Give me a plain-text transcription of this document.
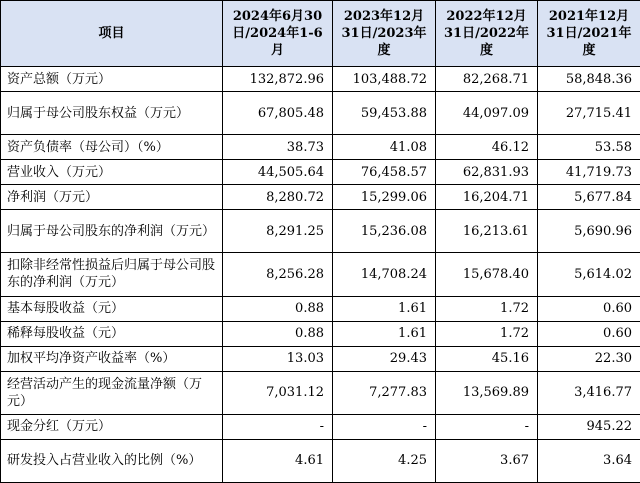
项目	2024年6月30日/2024年1-6月	2023年12月31日/2023年度	2022年12月31日/2022年度	2021年12月31日/2021年度
资产总额（万元）	132,872.96	103,488.72	82,268.71	58,848.36
归属于母公司股东权益（万元）	67,805.48	59,453.88	44,097.09	27,715.41
资产负债率（母公司）（%）	38.73	41.08	46.12	53.58
营业收入（万元）	44,505.64	76,458.57	62,831.93	41,719.73
净利润（万元）	8,280.72	15,299.06	16,204.71	5,677.84
归属于母公司股东的净利润（万元）	8,291.25	15,236.08	16,213.61	5,690.96
扣除非经常性损益后归属于母公司股东的净利润（万元）	8,256.28	14,708.24	15,678.40	5,614.02
基本每股收益（元）	0.88	1.61	1.72	0.60
稀释每股收益（元）	0.88	1.61	1.72	0.60
加权平均净资产收益率（%）	13.03	29.43	45.16	22.30
经营活动产生的现金流量净额（万元）	7,031.12	7,277.83	13,569.89	3,416.77
现金分红（万元）	-	-	-	945.22
研发投入占营业收入的比例（%）	4.61	4.25	3.67	3.64
